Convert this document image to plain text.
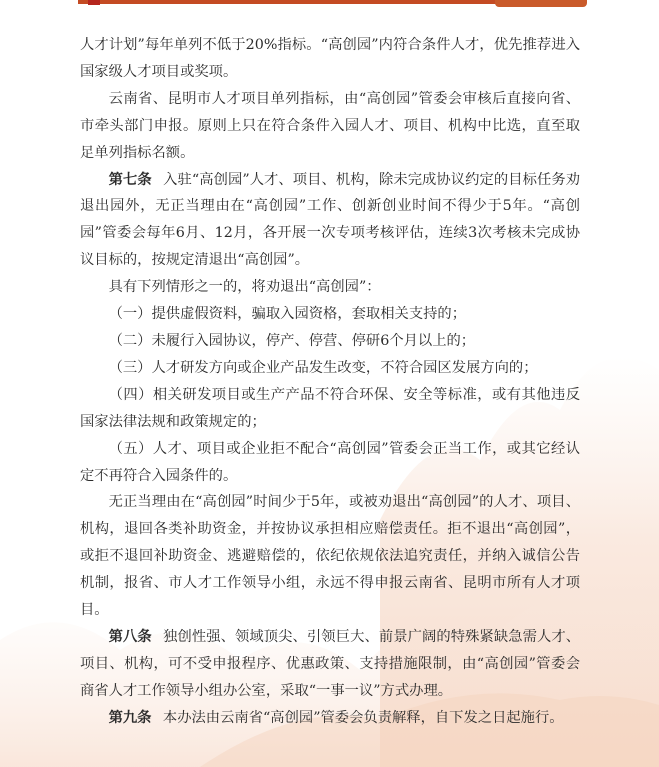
人才计划”每年单列不低于20%指标。“高创园”内符合条件人才，优先推荐进入国家级人才项目或奖项。

云南省、昆明市人才项目单列指标，由“高创园”管委会审核后直接向省、市牵头部门申报。原则上只在符合条件入园人才、项目、机构中比选，直至取足单列指标名额。

第七条 入驻“高创园”人才、项目、机构，除未完成协议约定的目标任务劝退出园外，无正当理由在“高创园”工作、创新创业时间不得少于5年。“高创园”管委会每年6月、12月，各开展一次专项考核评估，连续3次考核未完成协议目标的，按规定清退出“高创园”。

具有下列情形之一的，将劝退出“高创园”：

（一）提供虚假资料，骗取入园资格，套取相关支持的；

（二）未履行入园协议，停产、停营、停研6个月以上的；

（三）人才研发方向或企业产品发生改变，不符合园区发展方向的；

（四）相关研发项目或生产产品不符合环保、安全等标准，或有其他违反国家法律法规和政策规定的；

（五）人才、项目或企业拒不配合“高创园”管委会正当工作，或其它经认定不再符合入园条件的。

无正当理由在“高创园”时间少于5年，或被劝退出“高创园”的人才、项目、机构，退回各类补助资金，并按协议承担相应赔偿责任。拒不退出“高创园”，或拒不退回补助资金、逃避赔偿的，依纪依规依法追究责任，并纳入诚信公告机制，报省、市人才工作领导小组，永远不得申报云南省、昆明市所有人才项目。

第八条 独创性强、领域顶尖、引领巨大、前景广阔的特殊紧缺急需人才、项目、机构，可不受申报程序、优惠政策、支持措施限制，由“高创园”管委会商省人才工作领导小组办公室，采取“一事一议”方式办理。

第九条 本办法由云南省“高创园”管委会负责解释，自下发之日起施行。
